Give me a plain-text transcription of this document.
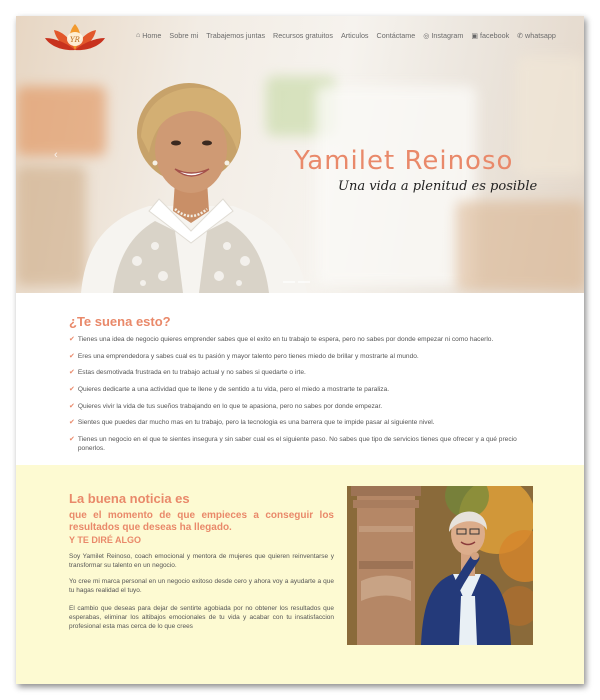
YR
⌂ Home Sobre mi Trabajemos juntas Recursos gratuitos Articulos Contáctame ◎ Instagram ▣ facebook ✆ whatsapp
‹	Yamilet Reinoso
Una vida a plenitud es posible
¿Te suena esto?
✔ Tienes una idea de negocio quieres emprender sabes que el exito en tu trabajo te espera, pero no sabes por donde empezar ni como hacerlo.
✔ Eres una emprendedora y sabes cual es tu pasión y mayor talento pero tienes miedo de brillar y mostrarte al mundo.
✔ Estas desmotivada frustrada en tu trabajo actual y no sabes si quedarte o irte.
✔ Quieres dedicarte a una actividad que te llene y de sentido a tu vida, pero el miedo a mostrarte te paraliza.
✔ Quieres vivir la vida de tus sueños trabajando en lo que te apasiona, pero no sabes por donde empezar.
✔ Sientes que puedes dar mucho mas en tu trabajo, pero la tecnologia es una barrera que te impide pasar al siguiente nivel.
✔ Tienes un negocio en el que te sientes insegura y sin saber cual es el siguiente paso. No sabes que tipo de servicios tienes que ofrecer y a qué precio ponerlos.
La buena noticia es
que el momento de que empieces a conseguir los resultados que deseas ha llegado.
Y TE DIRÉ ALGO

Soy Yamilet Reinoso, coach emocional y mentora de mujeres que quieren reinventarse y transformar su talento en un negocio.

Yo cree mi marca personal en un negocio exitoso desde cero y ahora voy a ayudarte a que tu hagas realidad el tuyo.

El cambio que deseas para dejar de sentirte agobiada por no obtener los resultados que esperabas, eliminar los altibajos emocionales de tu vida y acabar con tu insatisfaccion profesional esta mas cerca de lo que crees
